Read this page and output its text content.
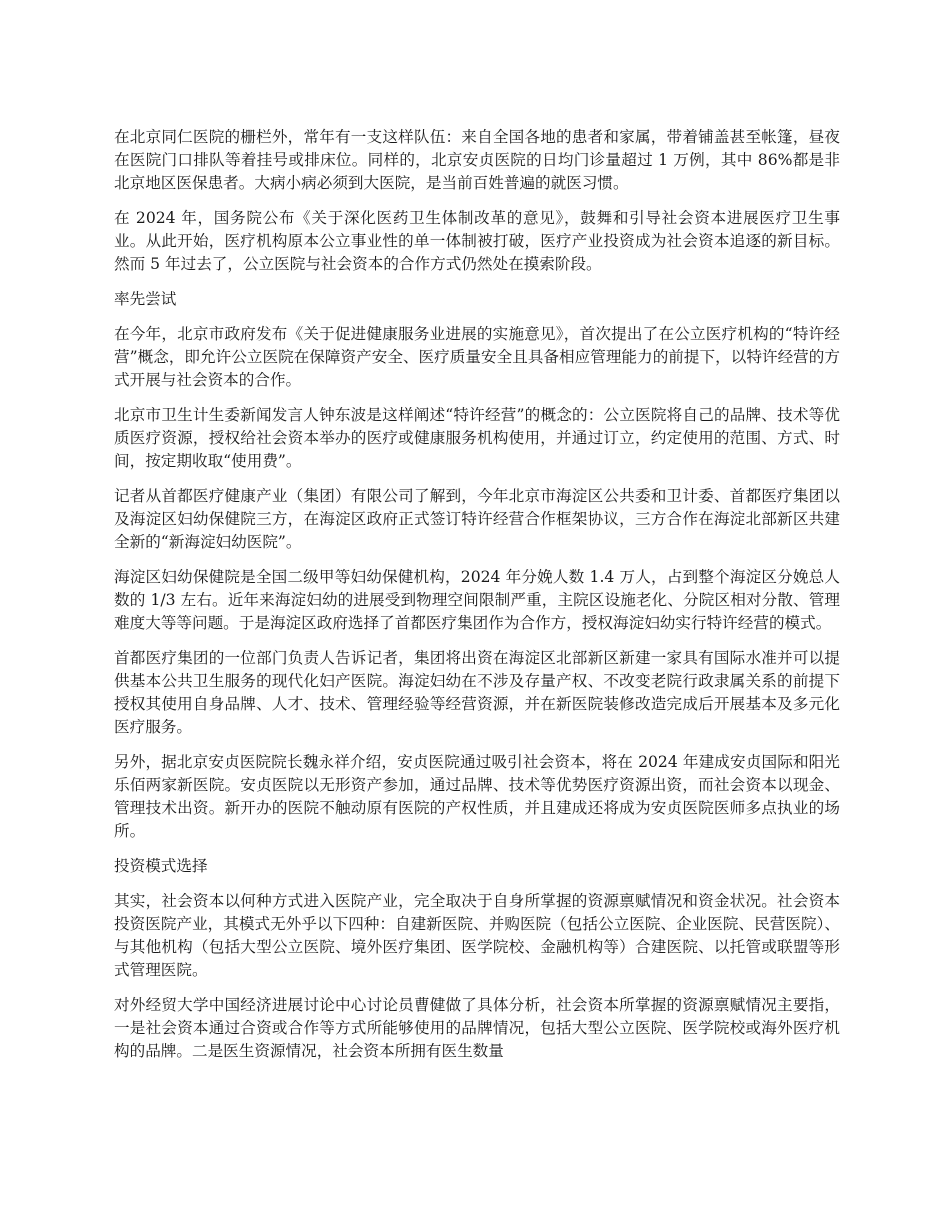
在北京同仁医院的栅栏外，常年有一支这样队伍：来自全国各地的患者和家属，带着铺盖甚至帐篷，昼夜在医院门口排队等着挂号或排床位。同样的，北京安贞医院的日均门诊量超过 1 万例，其中 86%都是非北京地区医保患者。大病小病必须到大医院，是当前百姓普遍的就医习惯。

在 2024 年，国务院公布《关于深化医药卫生体制改革的意见》，鼓舞和引导社会资本进展医疗卫生事业。从此开始，医疗机构原本公立事业性的单一体制被打破，医疗产业投资成为社会资本追逐的新目标。然而 5 年过去了，公立医院与社会资本的合作方式仍然处在摸索阶段。

率先尝试

在今年，北京市政府发布《关于促进健康服务业进展的实施意见》，首次提出了在公立医疗机构的“特许经营”概念，即允许公立医院在保障资产安全、医疗质量安全且具备相应管理能力的前提下，以特许经营的方式开展与社会资本的合作。

北京市卫生计生委新闻发言人钟东波是这样阐述“特许经营”的概念的：公立医院将自己的品牌、技术等优质医疗资源，授权给社会资本举办的医疗或健康服务机构使用，并通过订立，约定使用的范围、方式、时间，按定期收取“使用费”。

记者从首都医疗健康产业（集团）有限公司了解到，今年北京市海淀区公共委和卫计委、首都医疗集团以及海淀区妇幼保健院三方，在海淀区政府正式签订特许经营合作框架协议，三方合作在海淀北部新区共建全新的“新海淀妇幼医院”。

海淀区妇幼保健院是全国二级甲等妇幼保健机构，2024 年分娩人数 1.4 万人，占到整个海淀区分娩总人数的 1/3 左右。近年来海淀妇幼的进展受到物理空间限制严重，主院区设施老化、分院区相对分散、管理难度大等等问题。于是海淀区政府选择了首都医疗集团作为合作方，授权海淀妇幼实行特许经营的模式。

首都医疗集团的一位部门负责人告诉记者，集团将出资在海淀区北部新区新建一家具有国际水准并可以提供基本公共卫生服务的现代化妇产医院。海淀妇幼在不涉及存量产权、不改变老院行政隶属关系的前提下授权其使用自身品牌、人才、技术、管理经验等经营资源，并在新医院装修改造完成后开展基本及多元化医疗服务。

另外，据北京安贞医院院长魏永祥介绍，安贞医院通过吸引社会资本，将在 2024 年建成安贞国际和阳光乐佰两家新医院。安贞医院以无形资产参加，通过品牌、技术等优势医疗资源出资，而社会资本以现金、管理技术出资。新开办的医院不触动原有医院的产权性质，并且建成还将成为安贞医院医师多点执业的场所。

投资模式选择

其实，社会资本以何种方式进入医院产业，完全取决于自身所掌握的资源禀赋情况和资金状况。社会资本投资医院产业，其模式无外乎以下四种：自建新医院、并购医院（包括公立医院、企业医院、民营医院）、与其他机构（包括大型公立医院、境外医疗集团、医学院校、金融机构等）合建医院、以托管或联盟等形式管理医院。

对外经贸大学中国经济进展讨论中心讨论员曹健做了具体分析，社会资本所掌握的资源禀赋情况主要指，一是社会资本通过合资或合作等方式所能够使用的品牌情况，包括大型公立医院、医学院校或海外医疗机构的品牌。二是医生资源情况，社会资本所拥有医生数量
